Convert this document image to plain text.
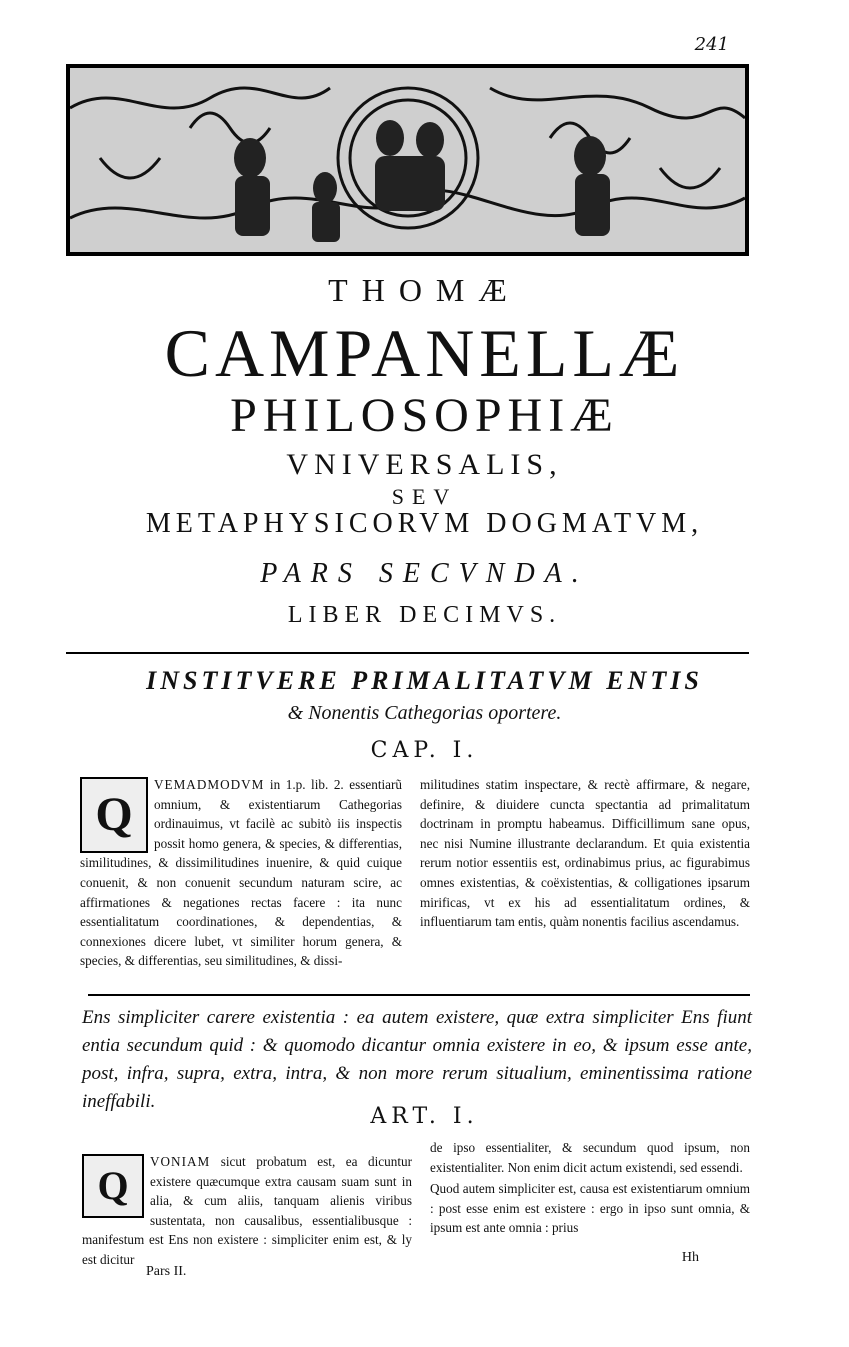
241
THOMÆ
CAMPANELLÆ
PHILOSOPHIÆ
VNIVERSALIS,
SEV
METAPHYSICORVM DOGMATVM,
PARS SECVNDA.
LIBER DECIMVS.
INSTITVERE PRIMALITATVM ENTIS
& Nonentis Cathegorias oportere.
CAP. I.
Q
VEMADMODVM in 1.p. lib. 2. essentiarũ omnium, & existentiarum Cathegorias ordinauimus, vt facilè ac subitò iis inspectis possit homo genera, & species, & differentias, similitudines, & dissimilitudines inuenire, & quid cuique conuenit, & non conuenit secundum naturam scire, ac affirmationes & negationes rectas facere : ita nunc essentialitatum coordinationes, & dependentias, & connexiones dicere lubet, vt similiter horum genera, & species, & differentias, seu similitudines, & dissi-
militudines statim inspectare, & rectè affirmare, & negare, definire, & diuidere cuncta spectantia ad primalitatum doctrinam in promptu habeamus. Difficillimum sane opus, nec nisi Numine illustrante declarandum. Et quia existentia rerum notior essentiis est, ordinabimus prius, ac figurabimus omnes existentias, & coëxistentias, & colligationes ipsarum mirificas, vt ex his ad essentialitatum ordines, & influentiarum tam entis, quàm nonentis facilius ascendamus.
Ens simpliciter carere existentia : ea autem existere, quæ extra simpliciter Ens fiunt entia secundum quid : & quomodo dicantur omnia existere in eo, & ipsum esse ante, post, infra, supra, extra, intra, & non more rerum situalium, eminentissima ratione ineffabili.
ART. I.
Q
VONIAM sicut probatum est, ea dicuntur existere quæcumque extra causam suam sunt in alia, & cum aliis, tanquam alienis viribus sustentata, non causalibus, essentialibusque : manifestum est Ens non existere : simpliciter enim est, & ly est dicitur

de ipso essentialiter, & secundum quod ipsum, non existentialiter. Non enim dicit actum existendi, sed essendi.

Quod autem simpliciter est, causa est existentiarum omnium : post esse enim est existere : ergo in ipso sunt omnia, & ipsum est ante omnia : prius

Pars II.
Hh
